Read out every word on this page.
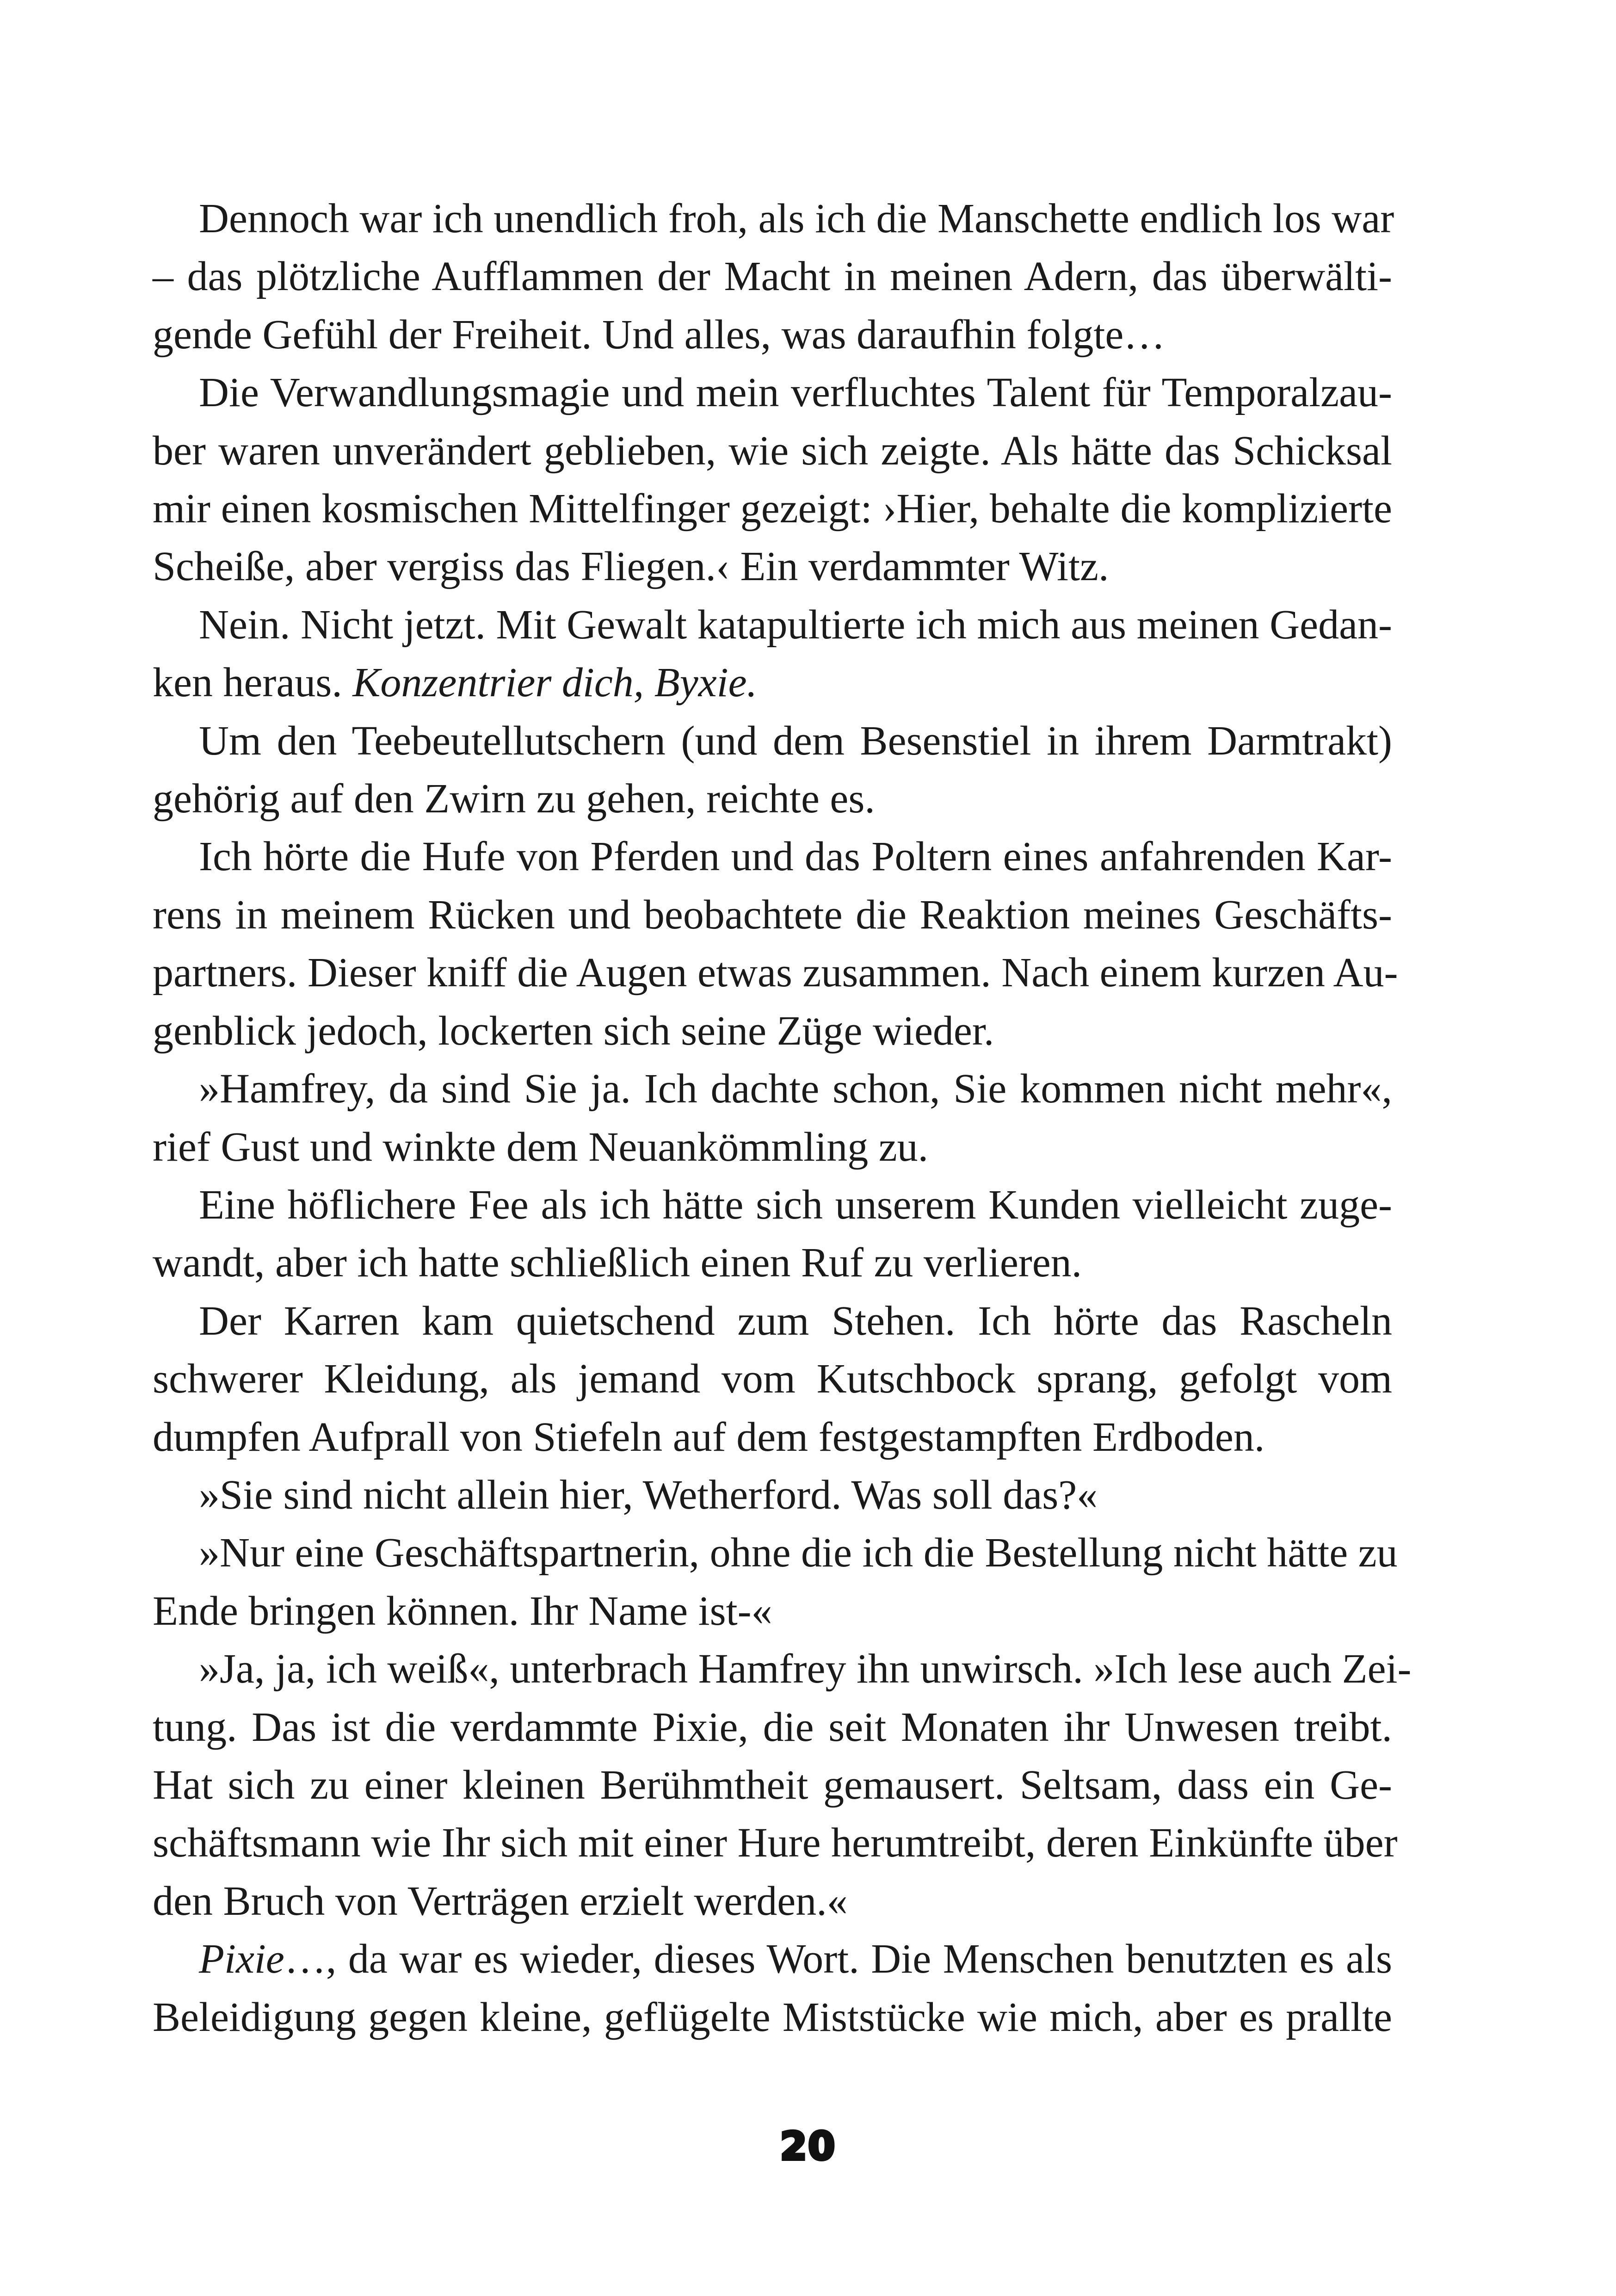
Dennoch war ich unendlich froh, als ich die Manschette endlich los war
– das plötzliche Aufflammen der Macht in meinen Adern, das überwälti-
gende Gefühl der Freiheit. Und alles, was daraufhin folgte…
Die Verwandlungsmagie und mein verfluchtes Talent für Temporalzau-
ber waren unverändert geblieben, wie sich zeigte. Als hätte das Schicksal
mir einen kosmischen Mittelfinger gezeigt: ›Hier, behalte die komplizierte
Scheiße, aber vergiss das Fliegen.‹ Ein verdammter Witz.
Nein. Nicht jetzt. Mit Gewalt katapultierte ich mich aus meinen Gedan-
ken heraus. Konzentrier dich, Byxie.
Um den Teebeutellutschern (und dem Besenstiel in ihrem Darmtrakt)
gehörig auf den Zwirn zu gehen, reichte es.
Ich hörte die Hufe von Pferden und das Poltern eines anfahrenden Kar-
rens in meinem Rücken und beobachtete die Reaktion meines Geschäfts-
partners. Dieser kniff die Augen etwas zusammen. Nach einem kurzen Au-
genblick jedoch, lockerten sich seine Züge wieder.
»Hamfrey, da sind Sie ja. Ich dachte schon, Sie kommen nicht mehr«,
rief Gust und winkte dem Neuankömmling zu.
Eine höflichere Fee als ich hätte sich unserem Kunden vielleicht zuge-
wandt, aber ich hatte schließlich einen Ruf zu verlieren.
Der Karren kam quietschend zum Stehen. Ich hörte das Rascheln
schwerer Kleidung, als jemand vom Kutschbock sprang, gefolgt vom
dumpfen Aufprall von Stiefeln auf dem festgestampften Erdboden.
»Sie sind nicht allein hier, Wetherford. Was soll das?«
»Nur eine Geschäftspartnerin, ohne die ich die Bestellung nicht hätte zu
Ende bringen können. Ihr Name ist-«
»Ja, ja, ich weiß«, unterbrach Hamfrey ihn unwirsch. »Ich lese auch Zei-
tung. Das ist die verdammte Pixie, die seit Monaten ihr Unwesen treibt.
Hat sich zu einer kleinen Berühmtheit gemausert. Seltsam, dass ein Ge-
schäftsmann wie Ihr sich mit einer Hure herumtreibt, deren Einkünfte über
den Bruch von Verträgen erzielt werden.«
Pixie…, da war es wieder, dieses Wort. Die Menschen benutzten es als
Beleidigung gegen kleine, geflügelte Miststücke wie mich, aber es prallte
20
